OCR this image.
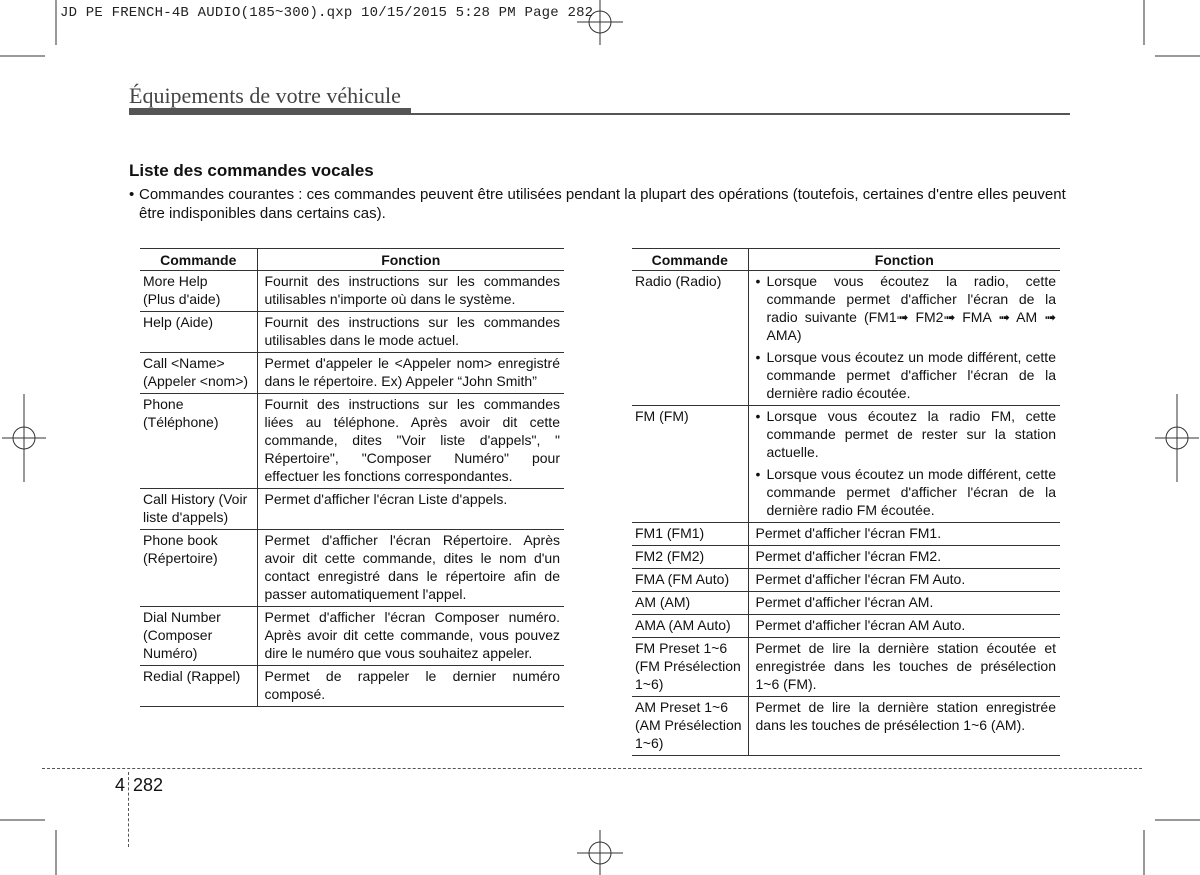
JD PE FRENCH-4B AUDIO(185~300).qxp 10/15/2015 5:28 PM Page 282
Équipements de votre véhicule
Liste des commandes vocales
• Commandes courantes : ces commandes peuvent être utilisées pendant la plupart des opérations (toutefois, certaines d'entre elles peuvent être indisponibles dans certains cas).
Commande	Fonction
More Help
(Plus d'aide)	Fournit des instructions sur les commandes utilisables n'importe où dans le système.
Help (Aide)	Fournit des instructions sur les commandes utilisables dans le mode actuel.
Call <Name>
(Appeler <nom>)	Permet d'appeler le <Appeler nom> enregistré dans le répertoire. Ex) Appeler “John Smith”
Phone
(Téléphone)	Fournit des instructions sur les commandes liées au téléphone. Après avoir dit cette commande, dites "Voir liste d'appels", " Répertoire", "Composer Numéro" pour effectuer les fonctions correspondantes.
Call History (Voir liste d'appels)	Permet d'afficher l'écran Liste d'appels.
Phone book
(Répertoire)	Permet d'afficher l'écran Répertoire. Après avoir dit cette commande, dites le nom d'un contact enregistré dans le répertoire afin de passer automatiquement l'appel.
Dial Number
(Composer
Numéro)	Permet d'afficher l'écran Composer numéro. Après avoir dit cette commande, vous pouvez dire le numéro que vous souhaitez appeler.
Redial (Rappel)	Permet de rappeler le dernier numéro composé.
Commande	Fonction
Radio (Radio)	• Lorsque vous écoutez la radio, cette commande permet d'afficher l'écran de la radio suivante (FM1➟ FM2➟ FMA ➟ AM ➟ AMA)
• Lorsque vous écoutez un mode différent, cette commande permet d'afficher l'écran de la dernière radio écoutée.

FM (FM)	• Lorsque vous écoutez la radio FM, cette commande permet de rester sur la station actuelle.
• Lorsque vous écoutez un mode différent, cette commande permet d'afficher l'écran de la dernière radio FM écoutée.

FM1 (FM1)	Permet d'afficher l'écran FM1.
FM2 (FM2)	Permet d'afficher l'écran FM2.
FMA (FM Auto)	Permet d'afficher l'écran FM Auto.
AM (AM)	Permet d'afficher l'écran AM.
AMA (AM Auto)	Permet d'afficher l'écran AM Auto.
FM Preset 1~6
(FM Présélection
1~6)	Permet de lire la dernière station écoutée et enregistrée dans les touches de présélection 1~6 (FM).
AM Preset 1~6
(AM Présélection
1~6)	Permet de lire la dernière station enregistrée dans les touches de présélection 1~6 (AM).
4 282
